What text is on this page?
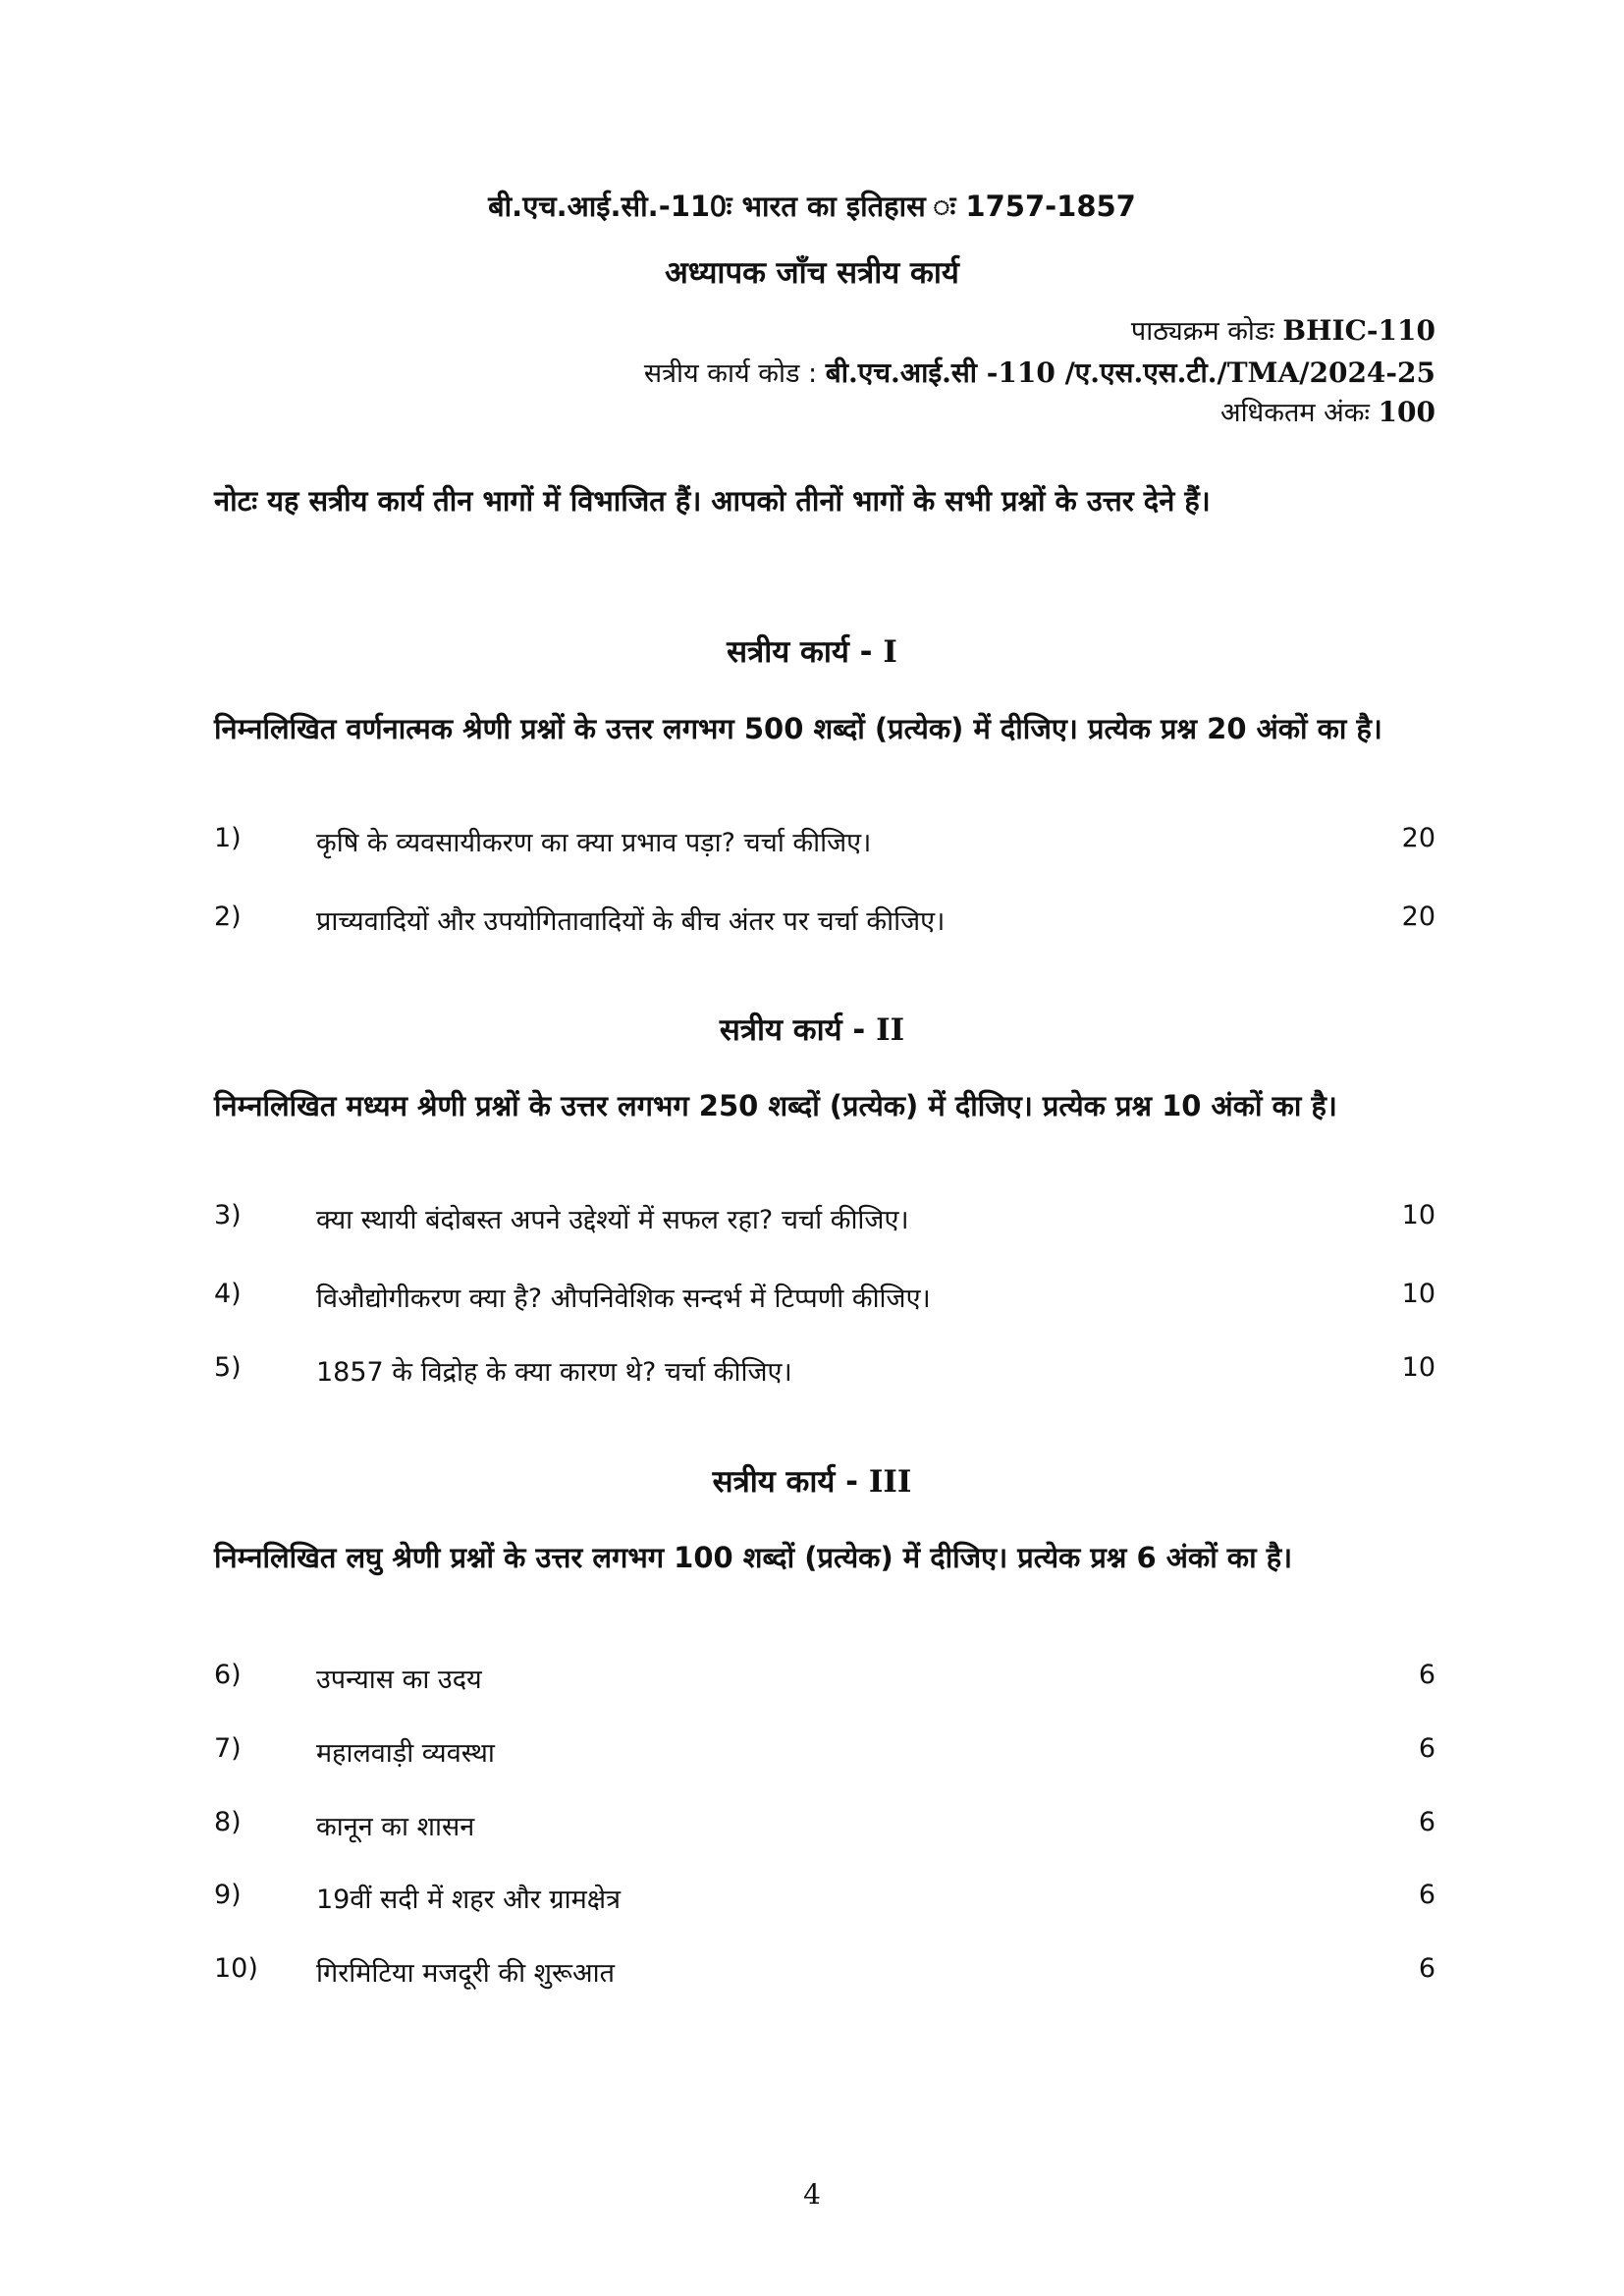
बी.एच.आई.सी.-110ः भारत का इतिहास ः 1757-1857
अध्यापक जाँच सत्रीय कार्य
पाठ्यक्रम कोडः BHIC-110
सत्रीय कार्य कोड : बी.एच.आई.सी -110 /ए.एस.एस.टी./TMA/2024-25
अधिकतम अंकः 100
नोटः यह सत्रीय कार्य तीन भागों में विभाजित हैं। आपको तीनों भागों के सभी प्रश्नों के उत्तर देने हैं।
सत्रीय कार्य - I
निम्नलिखित वर्णनात्मक श्रेणी प्रश्नों के उत्तर लगभग 500 शब्दों (प्रत्येक) में दीजिए। प्रत्येक प्रश्न 20 अंकों का है।
1)	कृषि के व्यवसायीकरण का क्या प्रभाव पड़ा? चर्चा कीजिए।	20
2)	प्राच्यवादियों और उपयोगितावादियों के बीच अंतर पर चर्चा कीजिए।	20
सत्रीय कार्य - II
निम्नलिखित मध्यम श्रेणी प्रश्नों के उत्तर लगभग 250 शब्दों (प्रत्येक) में दीजिए। प्रत्येक प्रश्न 10 अंकों का है।
3)	क्या स्थायी बंदोबस्त अपने उद्देश्यों में सफल रहा? चर्चा कीजिए।	10
4)	विऔद्योगीकरण क्या है? औपनिवेशिक सन्दर्भ में टिप्पणी कीजिए।	10
5)	1857 के विद्रोह के क्या कारण थे? चर्चा कीजिए।	10
सत्रीय कार्य - III
निम्नलिखित लघु श्रेणी प्रश्नों के उत्तर लगभग 100 शब्दों (प्रत्येक) में दीजिए। प्रत्येक प्रश्न 6 अंकों का है।
6)	उपन्यास का उदय	6
7)	महालवाड़ी व्यवस्था	6
8)	कानून का शासन	6
9)	19वीं सदी में शहर और ग्रामक्षेत्र	6
10) गिरमिटिया मजदूरी की शुरूआत	6
4
